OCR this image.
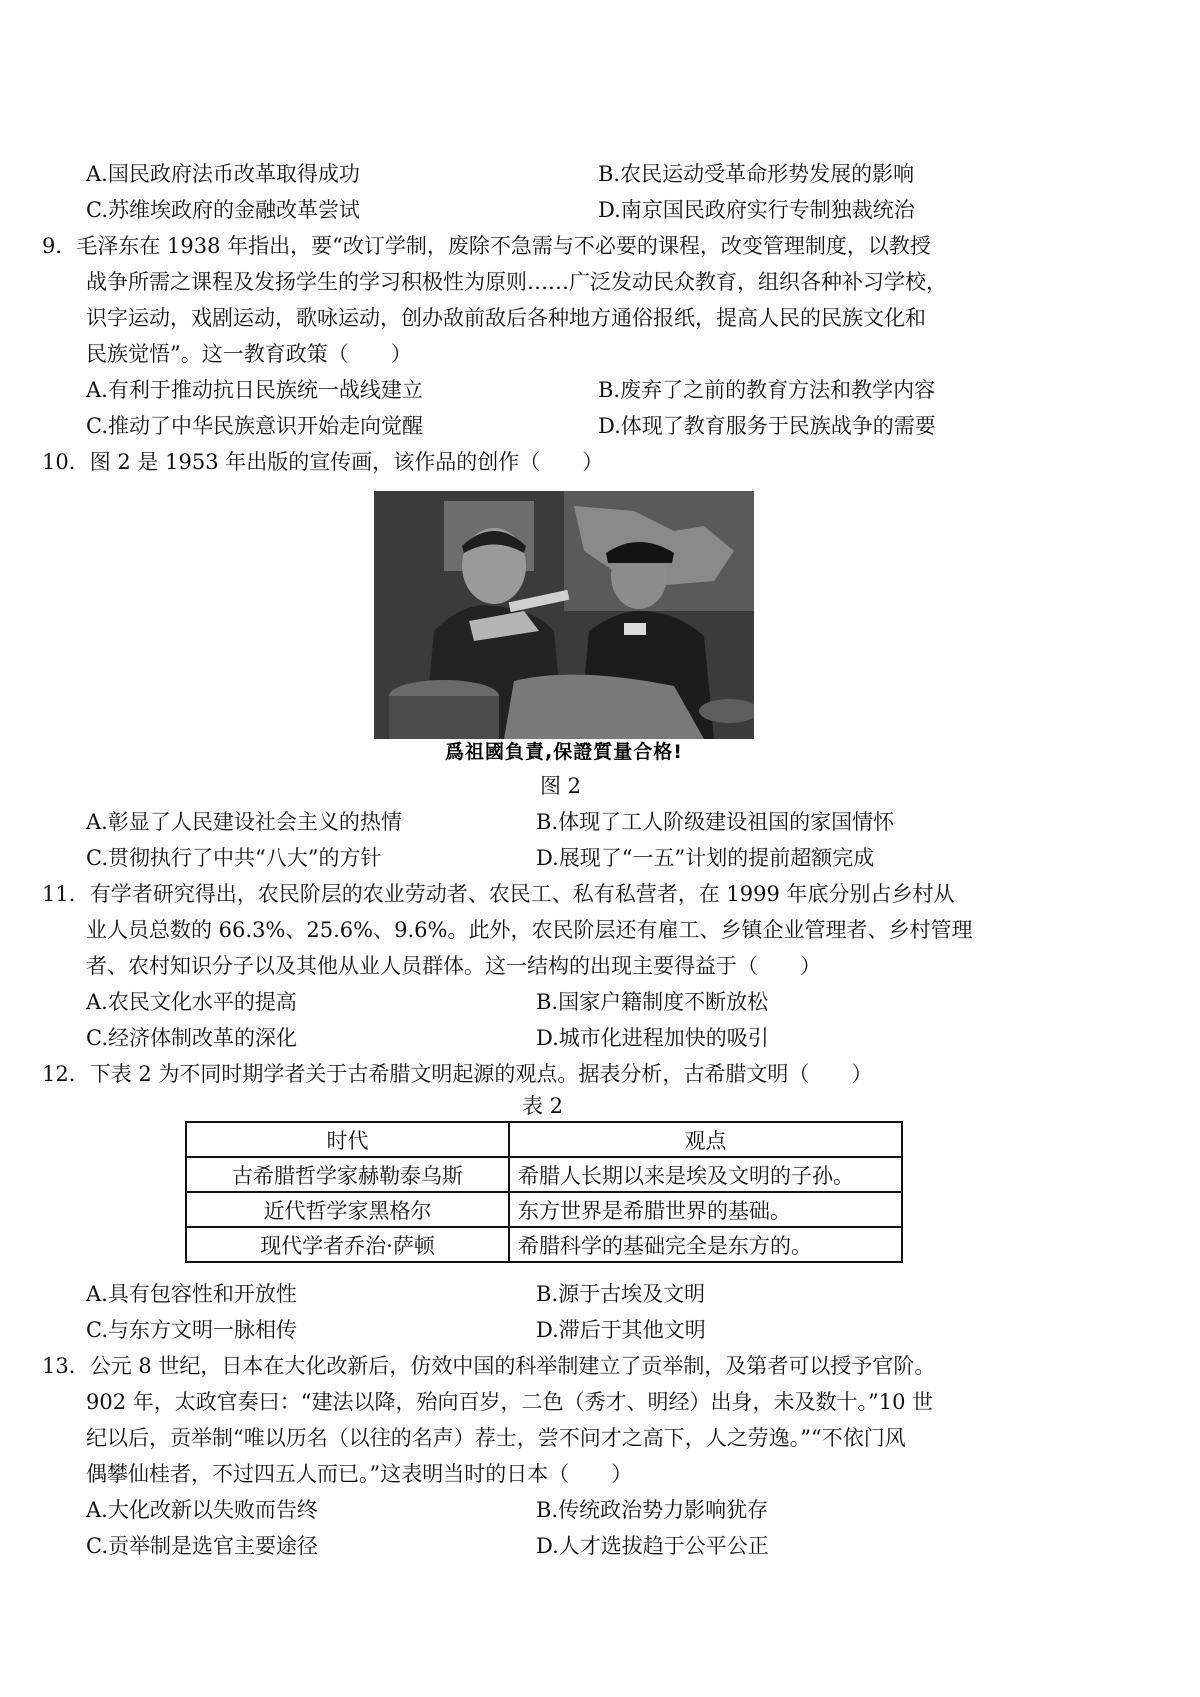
A.国民政府法币改革取得成功	B.农民运动受革命形势发展的影响
C.苏维埃政府的金融改革尝试	D.南京国民政府实行专制独裁统治
9．毛泽东在 1938 年指出，要“改订学制，废除不急需与不必要的课程，改变管理制度，以教授
战争所需之课程及发扬学生的学习积极性为原则……广泛发动民众教育，组织各种补习学校，
识字运动，戏剧运动，歌咏运动，创办敌前敌后各种地方通俗报纸，提高人民的民族文化和
民族觉悟”。这一教育政策（　　）
A.有利于推动抗日民族统一战线建立	B.废弃了之前的教育方法和教学内容
C.推动了中华民族意识开始走向觉醒	D.体现了教育服务于民族战争的需要
10．图 2 是 1953 年出版的宣传画，该作品的创作（　　）
爲祖國負責,保證質量合格!
图 2
A.彰显了人民建设社会主义的热情	B.体现了工人阶级建设祖国的家国情怀
C.贯彻执行了中共“八大”的方针	D.展现了“一五”计划的提前超额完成
11．有学者研究得出，农民阶层的农业劳动者、农民工、私有私营者，在 1999 年底分别占乡村从
业人员总数的 66.3%、25.6%、9.6%。此外，农民阶层还有雇工、乡镇企业管理者、乡村管理
者、农村知识分子以及其他从业人员群体。这一结构的出现主要得益于（　　）
A.农民文化水平的提高	B.国家户籍制度不断放松
C.经济体制改革的深化	D.城市化进程加快的吸引
12．下表 2 为不同时期学者关于古希腊文明起源的观点。据表分析，古希腊文明（　　）
表 2
时代	观点
古希腊哲学家赫勒泰乌斯	希腊人长期以来是埃及文明的子孙。
近代哲学家黑格尔	东方世界是希腊世界的基础。
现代学者乔治·萨顿	希腊科学的基础完全是东方的。
A.具有包容性和开放性	B.源于古埃及文明
C.与东方文明一脉相传	D.滞后于其他文明
13．公元 8 世纪，日本在大化改新后，仿效中国的科举制建立了贡举制，及第者可以授予官阶。
902 年，太政官奏曰：“建法以降，殆向百岁，二色（秀才、明经）出身，未及数十。”10 世
纪以后，贡举制“唯以历名（以往的名声）荐士，尝不问才之高下，人之劳逸。”“不依门风
偶攀仙桂者，不过四五人而已。”这表明当时的日本（　　）
A.大化改新以失败而告终	B.传统政治势力影响犹存
C.贡举制是选官主要途径	D.人才选拔趋于公平公正
